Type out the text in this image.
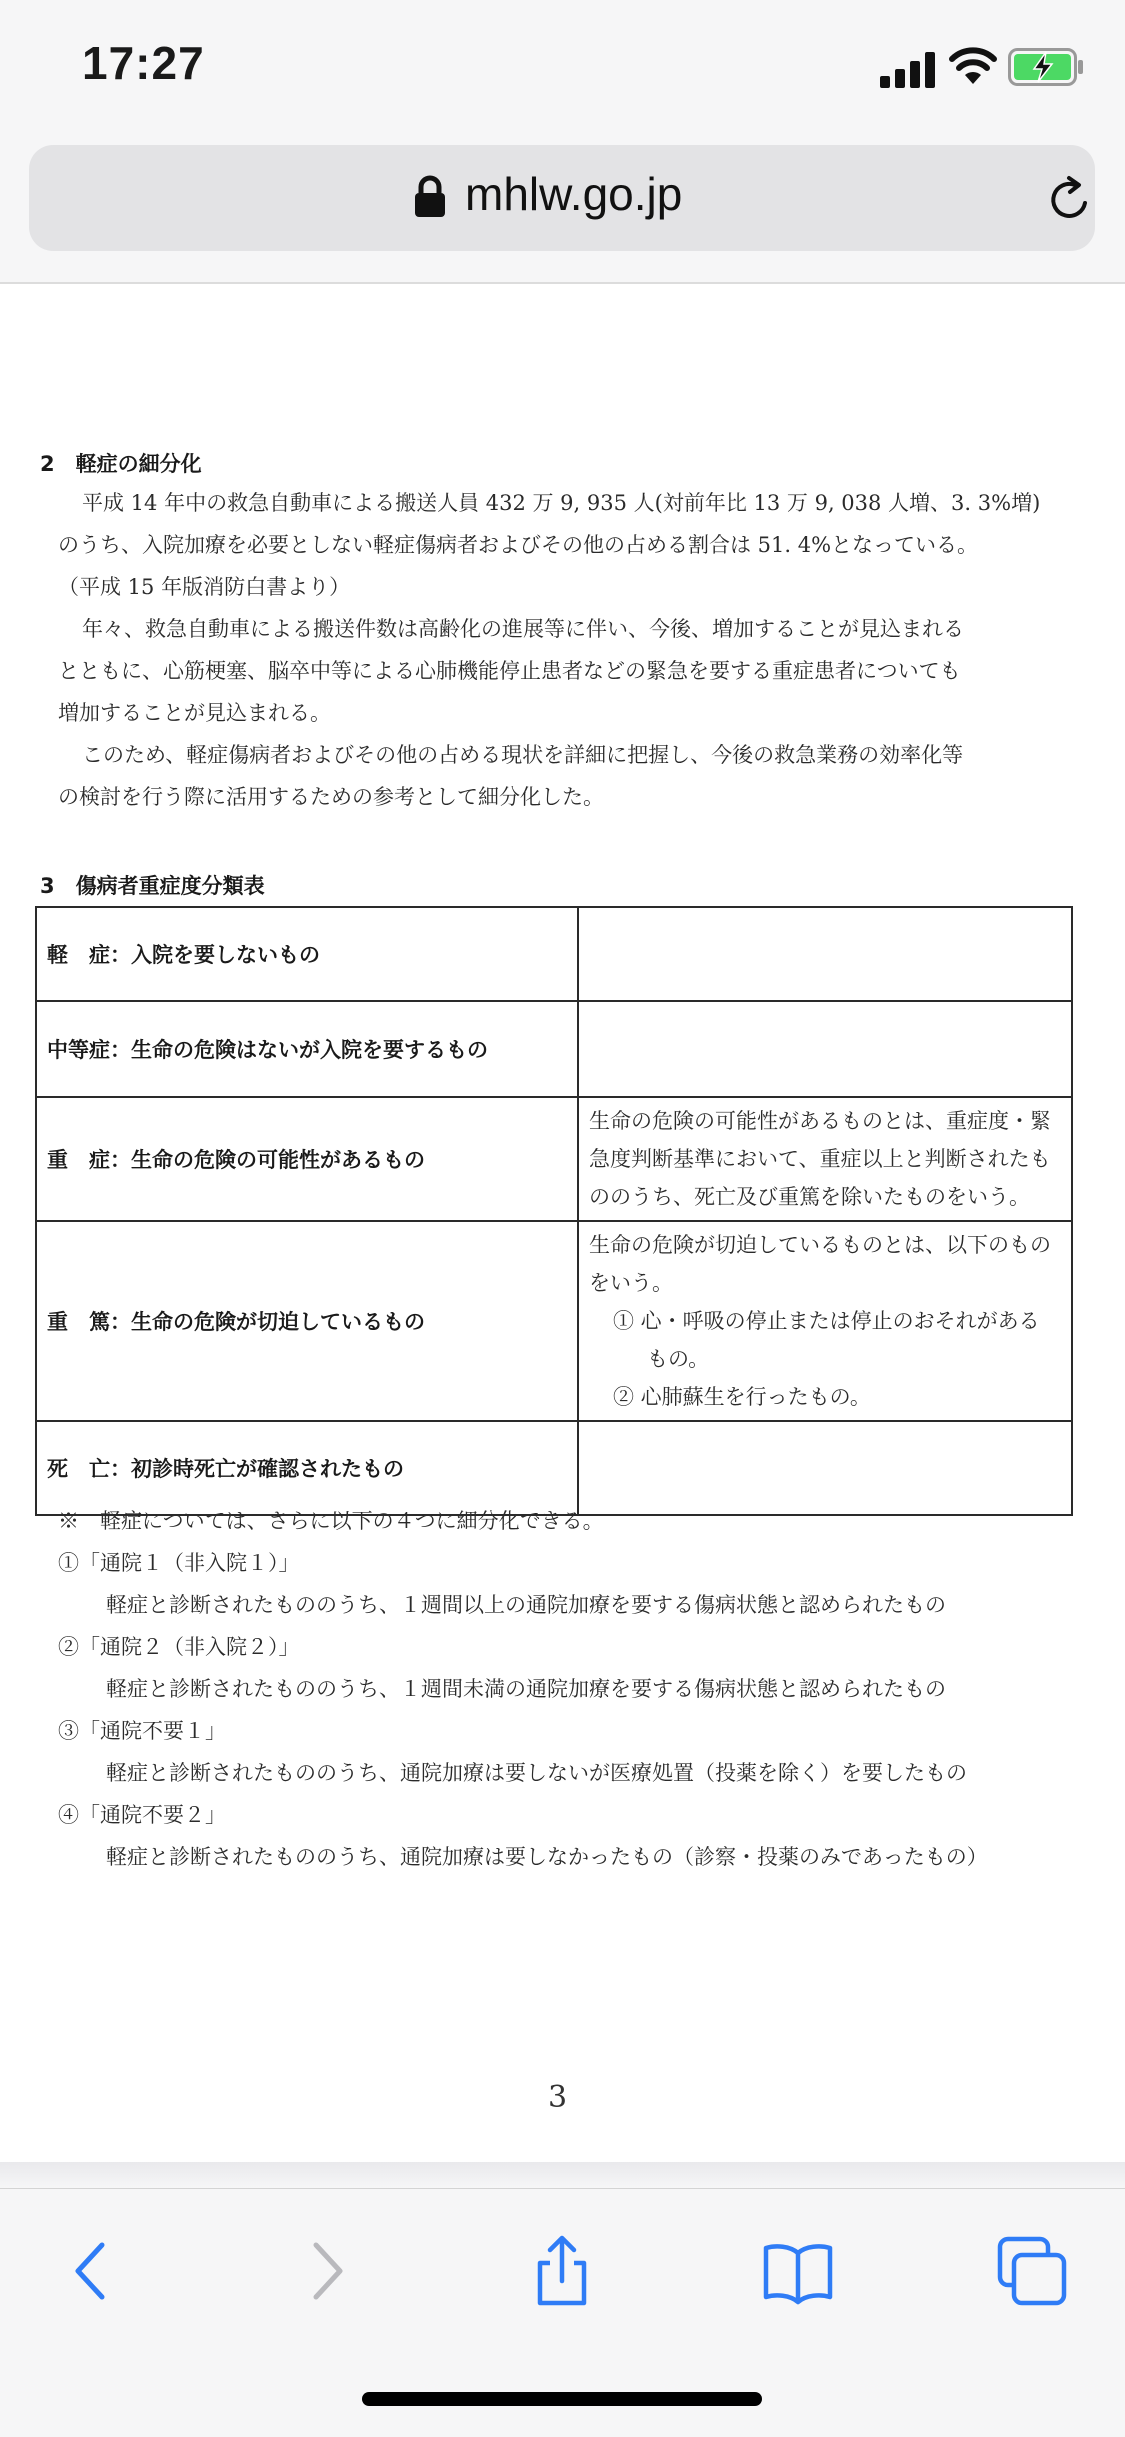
17:27
mhlw.go.jp
2　軽症の細分化

平成 14 年中の救急自動車による搬送人員 432 万 9, 935 人(対前年比 13 万 9, 038 人増、3. 3%増)

のうち、入院加療を必要としない軽症傷病者およびその他の占める割合は 51. 4%となっている。

（平成 15 年版消防白書より）

年々、救急自動車による搬送件数は高齢化の進展等に伴い、今後、増加することが見込まれる

とともに、心筋梗塞、脳卒中等による心肺機能停止患者などの緊急を要する重症患者についても

増加することが見込まれる。

このため、軽症傷病者およびその他の占める現状を詳細に把握し、今後の救急業務の効率化等

の検討を行う際に活用するための参考として細分化した。

3　傷病者重症度分類表
軽　症：入院を要しないもの	
中等症：生命の危険はないが入院を要するもの	
重　症：生命の危険の可能性があるもの	生命の危険の可能性があるものとは、重症度・緊
急度判断基準において、重症以上と判断されたも
ののうち、死亡及び重篤を除いたものをいう。

重　篤：生命の危険が切迫しているもの	生命の危険が切迫しているものとは、以下のもの
をいう。
① 心・呼吸の停止または停止のおそれがある
もの。
② 心肺蘇生を行ったもの。

死　亡：初診時死亡が確認されたもの	
※　軽症については、さらに以下の４つに細分化できる。
①「通院１（非入院１）」
軽症と診断されたもののうち、１週間以上の通院加療を要する傷病状態と認められたもの
②「通院２（非入院２）」
軽症と診断されたもののうち、１週間未満の通院加療を要する傷病状態と認められたもの
③「通院不要１」
軽症と診断されたもののうち、通院加療は要しないが医療処置（投薬を除く）を要したもの
④「通院不要２」
軽症と診断されたもののうち、通院加療は要しなかったもの（診察・投薬のみであったもの）
3
